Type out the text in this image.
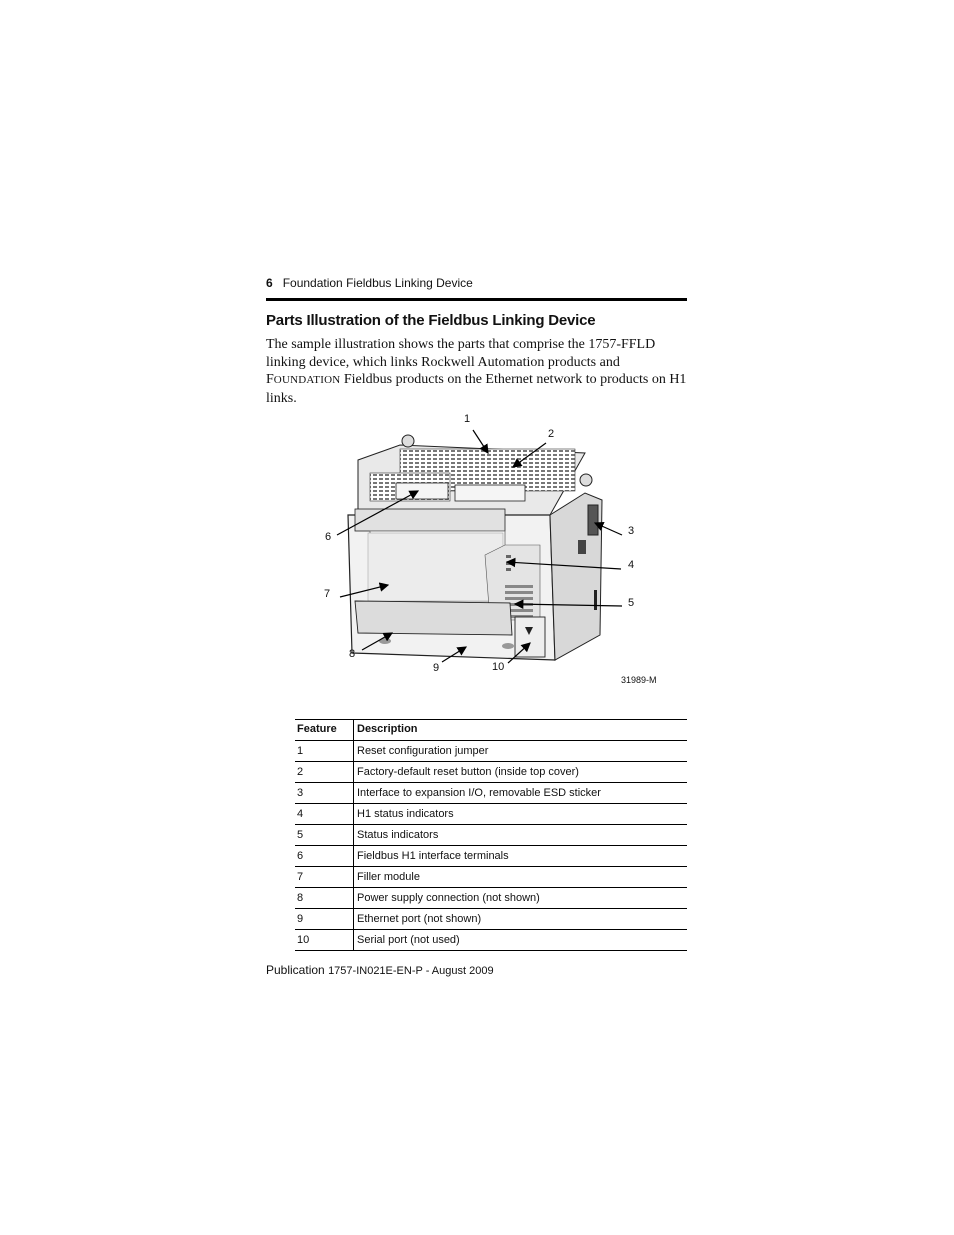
6 Foundation Fieldbus Linking Device
Parts Illustration of the Fieldbus Linking Device
The sample illustration shows the parts that comprise the 1757-FFLD linking device, which links Rockwell Automation products and FOUNDATION Fieldbus products on the Ethernet network to products on H1 links.
1
2
3
4
5
6
7
8
9	10
31989-M
Feature	Description
1	Reset configuration jumper
2	Factory-default reset button (inside top cover)
3	Interface to expansion I/O, removable ESD sticker
4	H1 status indicators
5	Status indicators
6	Fieldbus H1 interface terminals
7	Filler module
8	Power supply connection (not shown)
9	Ethernet port (not shown)
10	Serial port (not used)
Publication 1757-IN021E-EN-P - August 2009
